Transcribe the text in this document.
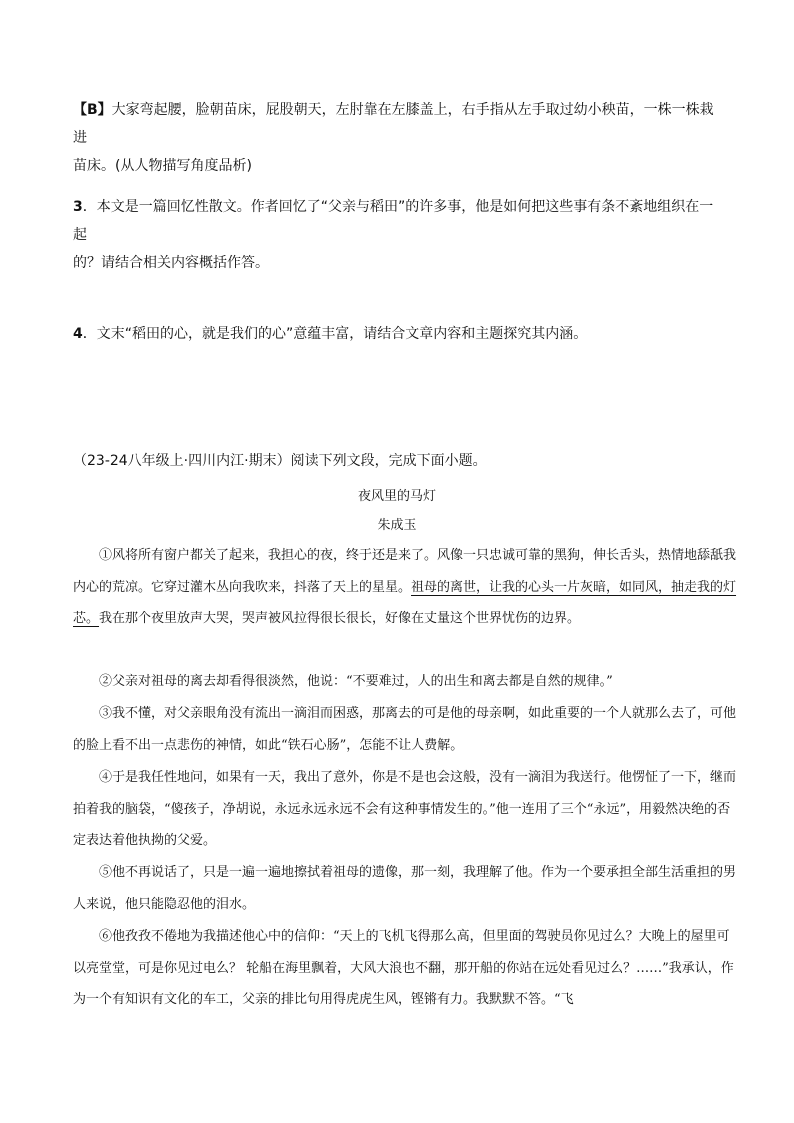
【B】大家弯起腰，脸朝苗床，屁股朝天，左肘靠在左膝盖上，右手指从左手取过幼小秧苗，一株一株栽进
苗床。(从人物描写角度品析)
3．本文是一篇回忆性散文。作者回忆了“父亲与稻田”的许多事，他是如何把这些事有条不紊地组织在一起
的？请结合相关内容概括作答。
4．文末“稻田的心，就是我们的心”意蕴丰富，请结合文章内容和主题探究其内涵。
（23-24八年级上·四川内江·期末）阅读下列文段，完成下面小题。
夜风里的马灯
朱成玉
①风将所有窗户都关了起来，我担心的夜，终于还是来了。风像一只忠诚可靠的黑狗，伸长舌头，热情地舔舐我内心的荒凉。它穿过灌木丛向我吹来，抖落了天上的星星。祖母的离世，让我的心头一片灰暗，如同风，抽走我的灯芯。我在那个夜里放声大哭，哭声被风拉得很长很长，好像在丈量这个世界忧伤的边界。
②父亲对祖母的离去却看得很淡然，他说：“不要难过，人的出生和离去都是自然的规律。”
③我不懂，对父亲眼角没有流出一滴泪而困惑，那离去的可是他的母亲啊，如此重要的一个人就那么去了，可他的脸上看不出一点悲伤的神情，如此“铁石心肠”，怎能不让人费解。
④于是我任性地问，如果有一天，我出了意外，你是不是也会这般，没有一滴泪为我送行。他愣怔了一下，继而拍着我的脑袋，“傻孩子，净胡说，永远永远永远不会有这种事情发生的。”他一连用了三个“永远”，用毅然决绝的否定表达着他执拗的父爱。
⑤他不再说话了，只是一遍一遍地擦拭着祖母的遗像，那一刻，我理解了他。作为一个要承担全部生活重担的男人来说，他只能隐忍他的泪水。
⑥他孜孜不倦地为我描述他心中的信仰：“天上的飞机飞得那么高，但里面的驾驶员你见过么？大晚上的屋里可以亮堂堂，可是你见过电么？ 轮船在海里飘着，大风大浪也不翻，那开船的你站在远处看见过么？……”我承认，作为一个有知识有文化的车工，父亲的排比句用得虎虎生风，铿锵有力。我默默不答。“飞
